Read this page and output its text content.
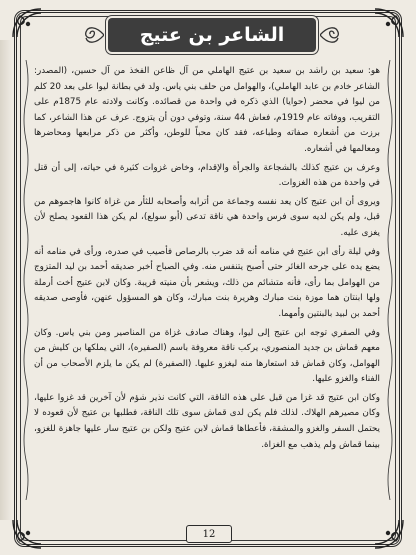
الشاعر بن عتيج

هو: سعيد بن راشد بن سعيد بن عتيج الهاملي من آل ظاعن الفخذ من آل حسين، (المصدر: الشاعر خادم بن عابد الهاملي)، والهوامل من حلف بني ياس. ولد في بطانة ليوا على بعد 20 كلم من ليوا في محضر (حوايا) الذي ذكره في واحدة من قصائده. وكانت ولادته عام 1875م على التقريب، ووفاته عام 1919م، فعاش 44 سنة، وتوفي دون أن يتزوج. عرف عن هذا الشاعر، كما برزت من أشعاره صفاته وطباعه، فقد كان محباً للوطن، وأكثر من ذكر مرابعها ومحاضرها ومعالمها في أشعاره.

وعرف بن عتيج كذلك بالشجاعة والجرأة والإقدام، وخاض غزوات كثيرة في حياته، إلى أن قتل في واحدة من هذه الغزوات.

ويروى أن ابن عتيج كان يعد نفسه وجماعة من أترابه وأصحابه للثأر من غزاة كانوا هاجموهم من قبل، ولم يكن لديه سوى فرس واحدة هي ناقة تدعى (أبو سولع)، لم يكن هذا القعود يصلح لأن يغزى عليه.

وفي ليلة رأى ابن عتيج في منامه أنه قد ضرب بالرصاص فأصيب في صدره، ورأى في منامه أنه يضع يده على جرحه الغائر حتى أصبح يتنفس منه. وفي الصباح أخبر صديقه أحمد بن ليد المتزوج من الهوامل بما رأى، فأنه متشائم من ذلك، ويشعر بأن منيته قريبة. وكان لابن عتيج أخت أرملة ولها ابنتان هما موزة بنت مبارك وهريرة بنت مبارك، وكان هو المسؤول عنهن، فأوصى صديقه أحمد بن لبيد بالبنتين وأمهما.

وفي الصفري توجه ابن عتيج إلى ليوا، وهناك صادف غزاة من المناصير ومن بني ياس. وكان معهم قماش بن جديد المنصوري، يركب ناقة معروفة باسم (الصفيره)، التي يملكها بن كليش من الهوامل، وكان قماش قد استعارها منه ليغزو عليها. (الصفيرة) لم يكن ما يلزم الأصحاب من أن الفناء والغزو عليها.

وكان ابن عتيج قد غزا من قبل على هذه الناقة، التي كانت نذير شؤم لأن آخرين قد غزوا عليها، وكان مصيرهم الهلاك. لذلك فلم يكن لدى قماش سوى تلك الناقة، فطلبها بن عتيج لأن قعوده لا يحتمل السفر والغزو والمشقة، فأعطاها قماش لابن عتيج ولكن بن عتيج سار عليها جاهزة للغزو، بينما قماش ولم يذهب مع الغزاة.

12
